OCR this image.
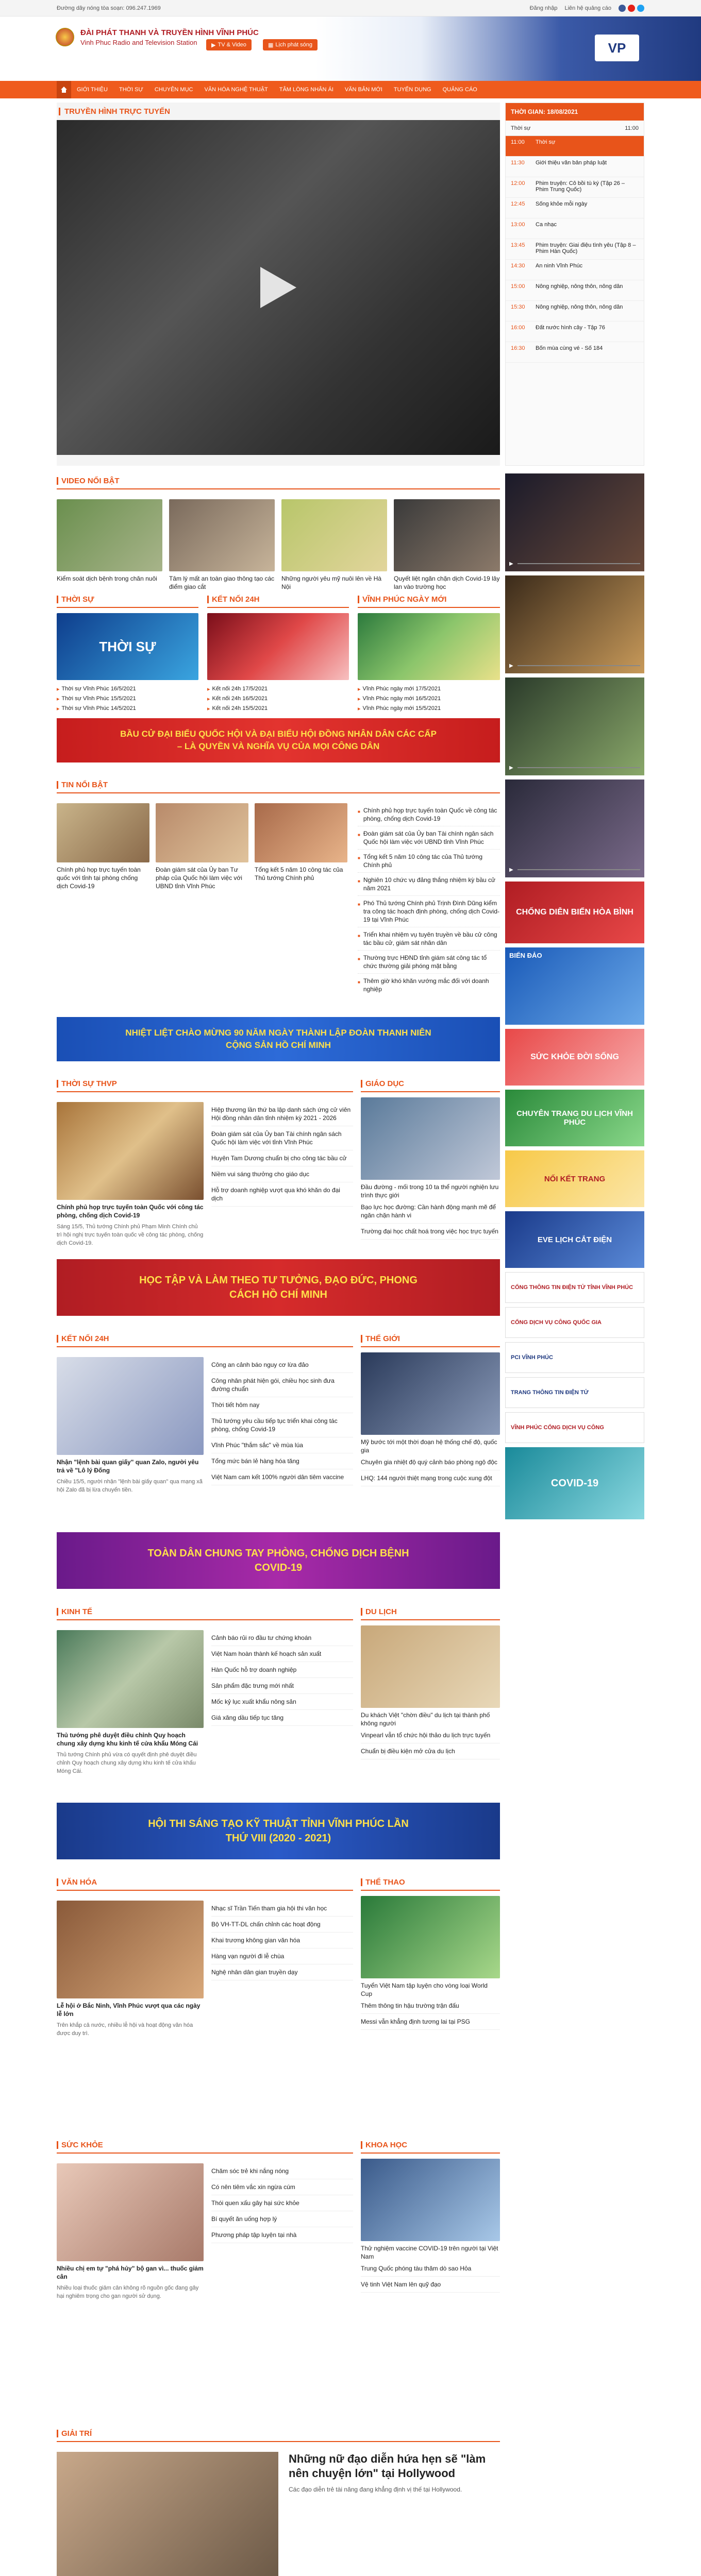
Đường dây nóng tòa soạn: 096.247.1969	Đăng nhập Liên hệ quảng cáo
ĐÀI PHÁT THANH VÀ TRUYỀN HÌNH VĨNH PHÚC
Vinh Phuc Radio and Television Station	▶ TV & Video	▦ Lịch phát sóng	VP
GIỚI THIỆU	THỜI SỰ	CHUYÊN MỤC	VĂN HÓA NGHỆ THUẬT	TÂM LÒNG NHÂN ÁI	VĂN BẢN MỚI	TUYỂN DỤNG	QUẢNG CÁO
TRUYỀN HÌNH TRỰC TUYẾN	THỜI GIAN: 18/08/2021
Thời sự	11:00
11:00	Thời sự
11:30	Giới thiệu văn bản pháp luật
12:00	Phim truyện: Cô bồi tù ký (Tập 26 – Phim Trung Quốc)
12:45	Sống khỏe mỗi ngày
13:00	Ca nhạc
13:45	Phim truyện: Giai điệu tình yêu (Tập 8 – Phim Hàn Quốc)
14:30	An ninh Vĩnh Phúc
15:00	Nông nghiệp, nông thôn, nông dân
15:30	Nông nghiệp, nông thôn, nông dân
16:00	Đất nước hình cây - Tập 76
16:30	Bốn mùa cùng vé - Số 184
VIDEO NỔI BẬT
Kiểm soát dịch bệnh trong chăn nuôi	Tâm lý mất an toàn giao thông tạo các điểm giao cắt
Những người yêu mỹ nuôi lên về Hà Nội
Quyết liệt ngăn chặn dịch Covid-19 lây lan vào trường học
THỜI SỰ
THỜI SỰ
▸ Thời sự Vĩnh Phúc 16/5/2021
▸ Thời sự Vĩnh Phúc 15/5/2021
▸ Thời sự Vĩnh Phúc 14/5/2021
KẾT NỐI 24H
▸ Kết nối 24h 17/5/2021
▸ Kết nối 24h 16/5/2021
▸ Kết nối 24h 15/5/2021
VĨNH PHÚC NGÀY MỚI
▸ Vĩnh Phúc ngày mới 17/5/2021
▸ Vĩnh Phúc ngày mới 16/5/2021
▸ Vĩnh Phúc ngày mới 15/5/2021
BẦU CỬ ĐẠI BIỂU QUỐC HỘI VÀ ĐẠI BIỂU HỘI ĐỒNG NHÂN DÂN CÁC CẤP – LÀ QUYỀN VÀ NGHĨA VỤ CỦA MỌI CÔNG DÂN
TIN NỔI BẬT
Chính phủ họp trực tuyến toàn quốc với tỉnh tại phòng chống dịch Covid-19
Đoàn giám sát của Ủy ban Tư pháp của Quốc hội làm việc với UBND tỉnh Vĩnh Phúc
Tổng kết 5 năm 10 công tác của Thủ tướng Chính phủ
■ Chính phủ họp trực tuyến toàn Quốc về công tác phòng, chống dịch Covid-19
■ Đoàn giám sát của Ủy ban Tài chính ngân sách Quốc hội làm việc với UBND tỉnh Vĩnh Phúc
■ Tổng kết 5 năm 10 công tác của Thủ tướng Chính phủ
■ Nghiên 10 chức vụ đảng thắng nhiệm kỳ bầu cử năm 2021
■ Phó Thủ tướng Chính phủ Trịnh Đình Dũng kiểm tra công tác hoạch định phòng, chống dịch Covid-19 tại Vĩnh Phúc
■ Triển khai nhiệm vụ tuyên truyền về bầu cử công tác bầu cử, giám sát nhân dân
■ Thường trực HĐND tỉnh giám sát công tác tổ chức thường giải phóng mặt bằng
■ Thêm giờ khó khăn vướng mắc đối với doanh nghiệp
NHIỆT LIỆT CHÀO MỪNG 90 NĂM NGÀY THÀNH LẬP ĐOÀN THANH NIÊN CỘNG SẢN HỒ CHÍ MINH
THỜI SỰ THVP
Chính phủ họp trực tuyến toàn Quốc với công tác phòng, chống dịch Covid-19
Sáng 15/5, Thủ tướng Chính phủ Phạm Minh Chính chủ trì hội nghị trực tuyến toàn quốc về công tác phòng, chống dịch Covid-19.
Hiệp thương lần thứ ba lập danh sách ứng cử viên Hội đồng nhân dân tỉnh nhiệm kỳ 2021 - 2026
Đoàn giám sát của Ủy ban Tài chính ngân sách Quốc hội làm việc với tỉnh Vĩnh Phúc
Huyện Tam Dương chuẩn bị cho công tác bầu cử
Niềm vui sáng thưởng cho giáo dục
Hỗ trợ doanh nghiệp vượt qua khó khăn do đại dịch
GIÁO DỤC
Đầu đường - mối trong 10 ta thể người nghiện lưu trình thực giới
Bạo lực học đường: Cần hành động mạnh mẽ để ngăn chặn hành vi
Trường đại học chất hoá trong việc học trực tuyến
HỌC TẬP VÀ LÀM THEO TƯ TƯỞNG, ĐẠO ĐỨC, PHONG CÁCH HỒ CHÍ MINH
KẾT NỐI 24H
Nhận "lệnh bài quan giấy" quan Zalo, người yêu trả về "Lô lý Đống
Chiều 15/5, người nhận "lệnh bài giấy quan" qua mạng xã hội Zalo đã bị lừa chuyển tiền.
Công an cảnh báo nguy cơ lừa đảo
Công nhân phát hiện gói, chiều học sinh đưa đường chuẩn
Thời tiết hôm nay
Thủ tướng yêu cầu tiếp tục triển khai công tác phòng, chống Covid-19
Vĩnh Phúc "thắm sắc" về mùa lúa
Tổng mức bán lẻ hàng hóa tăng
Việt Nam cam kết 100% người dân tiêm vaccine
THẾ GIỚI
Mỹ bước tới một thời đoạn hệ thống chế độ, quốc gia
Chuyên gia nhiệt độ quý cảnh báo phòng ngộ độc
LHQ: 144 người thiệt mạng trong cuộc xung đột
TOÀN DÂN CHUNG TAY PHÒNG, CHỐNG DỊCH BỆNH COVID-19
KINH TẾ
Thủ tướng phê duyệt điều chỉnh Quy hoạch chung xây dựng khu kinh tế cửa khẩu Móng Cái
Thủ tướng Chính phủ vừa có quyết định phê duyệt điều chỉnh Quy hoạch chung xây dựng khu kinh tế cửa khẩu Móng Cái.
Cảnh báo rủi ro đầu tư chứng khoán
Việt Nam hoàn thành kế hoạch sản xuất
Hàn Quốc hỗ trợ doanh nghiệp
Sản phẩm đặc trưng mới nhất
Mốc kỷ lục xuất khẩu nông sản
Giá xăng dầu tiếp tục tăng
DU LỊCH
Du khách Việt "chờn điều" du lịch tại thành phố không người
Vinpearl vẫn tổ chức hội thảo du lịch trực tuyến
Chuẩn bị điều kiện mở cửa du lịch
HỘI THI SÁNG TẠO KỸ THUẬT TỈNH VĨNH PHÚC LẦN THỨ VIII (2020 - 2021)
VĂN HÓA
Lễ hội ở Bắc Ninh, Vĩnh Phúc vượt qua các ngày lễ lớn
Trên khắp cả nước, nhiều lễ hội và hoạt động văn hóa được duy trì.
Nhạc sĩ Trần Tiến tham gia hội thi văn học
Bộ VH-TT-DL chấn chỉnh các hoạt động
Khai trương không gian văn hóa
Hàng vạn người đi lễ chùa
Nghệ nhân dân gian truyền dạy
THỂ THAO
Tuyển Việt Nam tập luyện cho vòng loại World Cup
Thêm thông tin hậu trường trận đấu
Messi vẫn khẳng định tương lai tại PSG
SỨC KHỎE
Nhiều chị em tự "phá hủy" bộ gan vì... thuốc giảm cân
Nhiều loại thuốc giảm cân không rõ nguồn gốc đang gây hại nghiêm trọng cho gan người sử dụng.
Chăm sóc trẻ khi nắng nóng
Có nên tiêm vắc xin ngừa cúm
Thói quen xấu gây hại sức khỏe
Bí quyết ăn uống hợp lý
Phương pháp tập luyện tại nhà
KHOA HỌC
Thử nghiệm vaccine COVID-19 trên người tại Việt Nam
Trung Quốc phóng tàu thăm dò sao Hỏa
Vệ tinh Việt Nam lên quỹ đạo
GIẢI TRÍ
Những nữ đạo diễn hứa hẹn sẽ "làm nên chuyện lớn" tại Hollywood
Các đạo diễn trẻ tài năng đang khẳng định vị thế tại Hollywood.
▶
▶
▶
▶
CHỐNG DIỄN BIẾN HÒA BÌNH
BIỂN ĐẢO
SỨC KHỎE ĐỜI SỐNG
CHUYÊN TRANG DU LỊCH VĨNH PHÚC
NỐI KẾT TRANG
EVE LỊCH CẮT ĐIỆN
CỔNG THÔNG TIN ĐIỆN TỬ TỈNH VĨNH PHÚC
CỔNG DỊCH VỤ CÔNG QUỐC GIA
PCI VĨNH PHÚC
TRANG THÔNG TIN ĐIỆN TỬ
VĨNH PHÚC CỔNG DỊCH VỤ CÔNG
COVID-19
